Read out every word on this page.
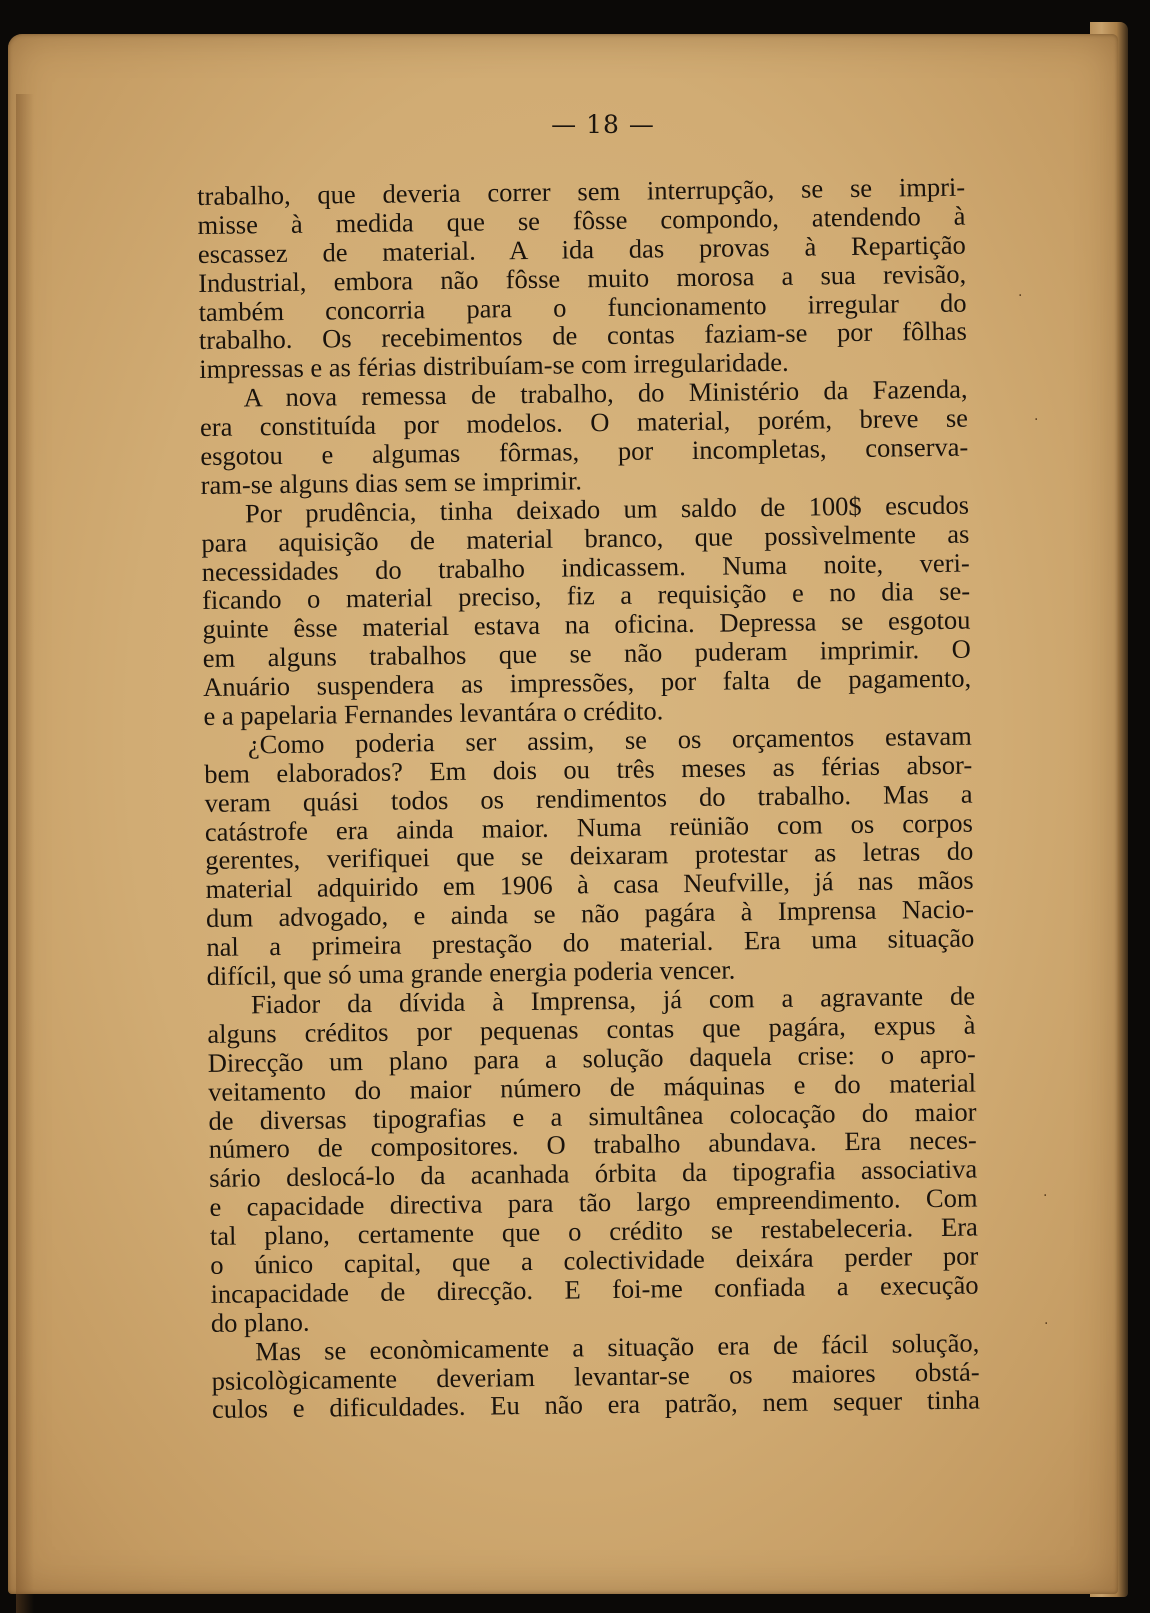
— 18 —
trabalho, que deveria correr sem interrupção, se se impri-
misse à medida que se fôsse compondo, atendendo à
escassez de material. A ida das provas à Repartição
Industrial, embora não fôsse muito morosa a sua revisão,
também concorria para o funcionamento irregular do
trabalho. Os recebimentos de contas faziam-se por fôlhas
impressas e as férias distribuíam-se com irregularidade.
A nova remessa de trabalho, do Ministério da Fazenda,
era constituída por modelos. O material, porém, breve se
esgotou e algumas fôrmas, por incompletas, conserva-
ram-se alguns dias sem se imprimir.
Por prudência, tinha deixado um saldo de 100$ escudos
para aquisição de material branco, que possìvelmente as
necessidades do trabalho indicassem. Numa noite, veri-
ficando o material preciso, fiz a requisição e no dia se-
guinte êsse material estava na oficina. Depressa se esgotou
em alguns trabalhos que se não puderam imprimir. O
Anuário suspendera as impressões, por falta de pagamento,
e a papelaria Fernandes levantára o crédito.
¿Como poderia ser assim, se os orçamentos estavam
bem elaborados? Em dois ou três meses as férias absor-
veram quási todos os rendimentos do trabalho. Mas a
catástrofe era ainda maior. Numa reünião com os corpos
gerentes, verifiquei que se deixaram protestar as letras do
material adquirido em 1906 à casa Neufville, já nas mãos
dum advogado, e ainda se não pagára à Imprensa Nacio-
nal a primeira prestação do material. Era uma situação
difícil, que só uma grande energia poderia vencer.
Fiador da dívida à Imprensa, já com a agravante de
alguns créditos por pequenas contas que pagára, expus à
Direcção um plano para a solução daquela crise: o apro-
veitamento do maior número de máquinas e do material
de diversas tipografias e a simultânea colocação do maior
número de compositores. O trabalho abundava. Era neces-
sário deslocá-lo da acanhada órbita da tipografia associativa
e capacidade directiva para tão largo empreendimento. Com
tal plano, certamente que o crédito se restabeleceria. Era
o único capital, que a colectividade deixára perder por
incapacidade de direcção. E foi-me confiada a execução
do plano.
Mas se econòmicamente a situação era de fácil solução,
psicològicamente deveriam levantar-se os maiores obstá-
culos e dificuldades. Eu não era patrão, nem sequer tinha
·
·
·
·
